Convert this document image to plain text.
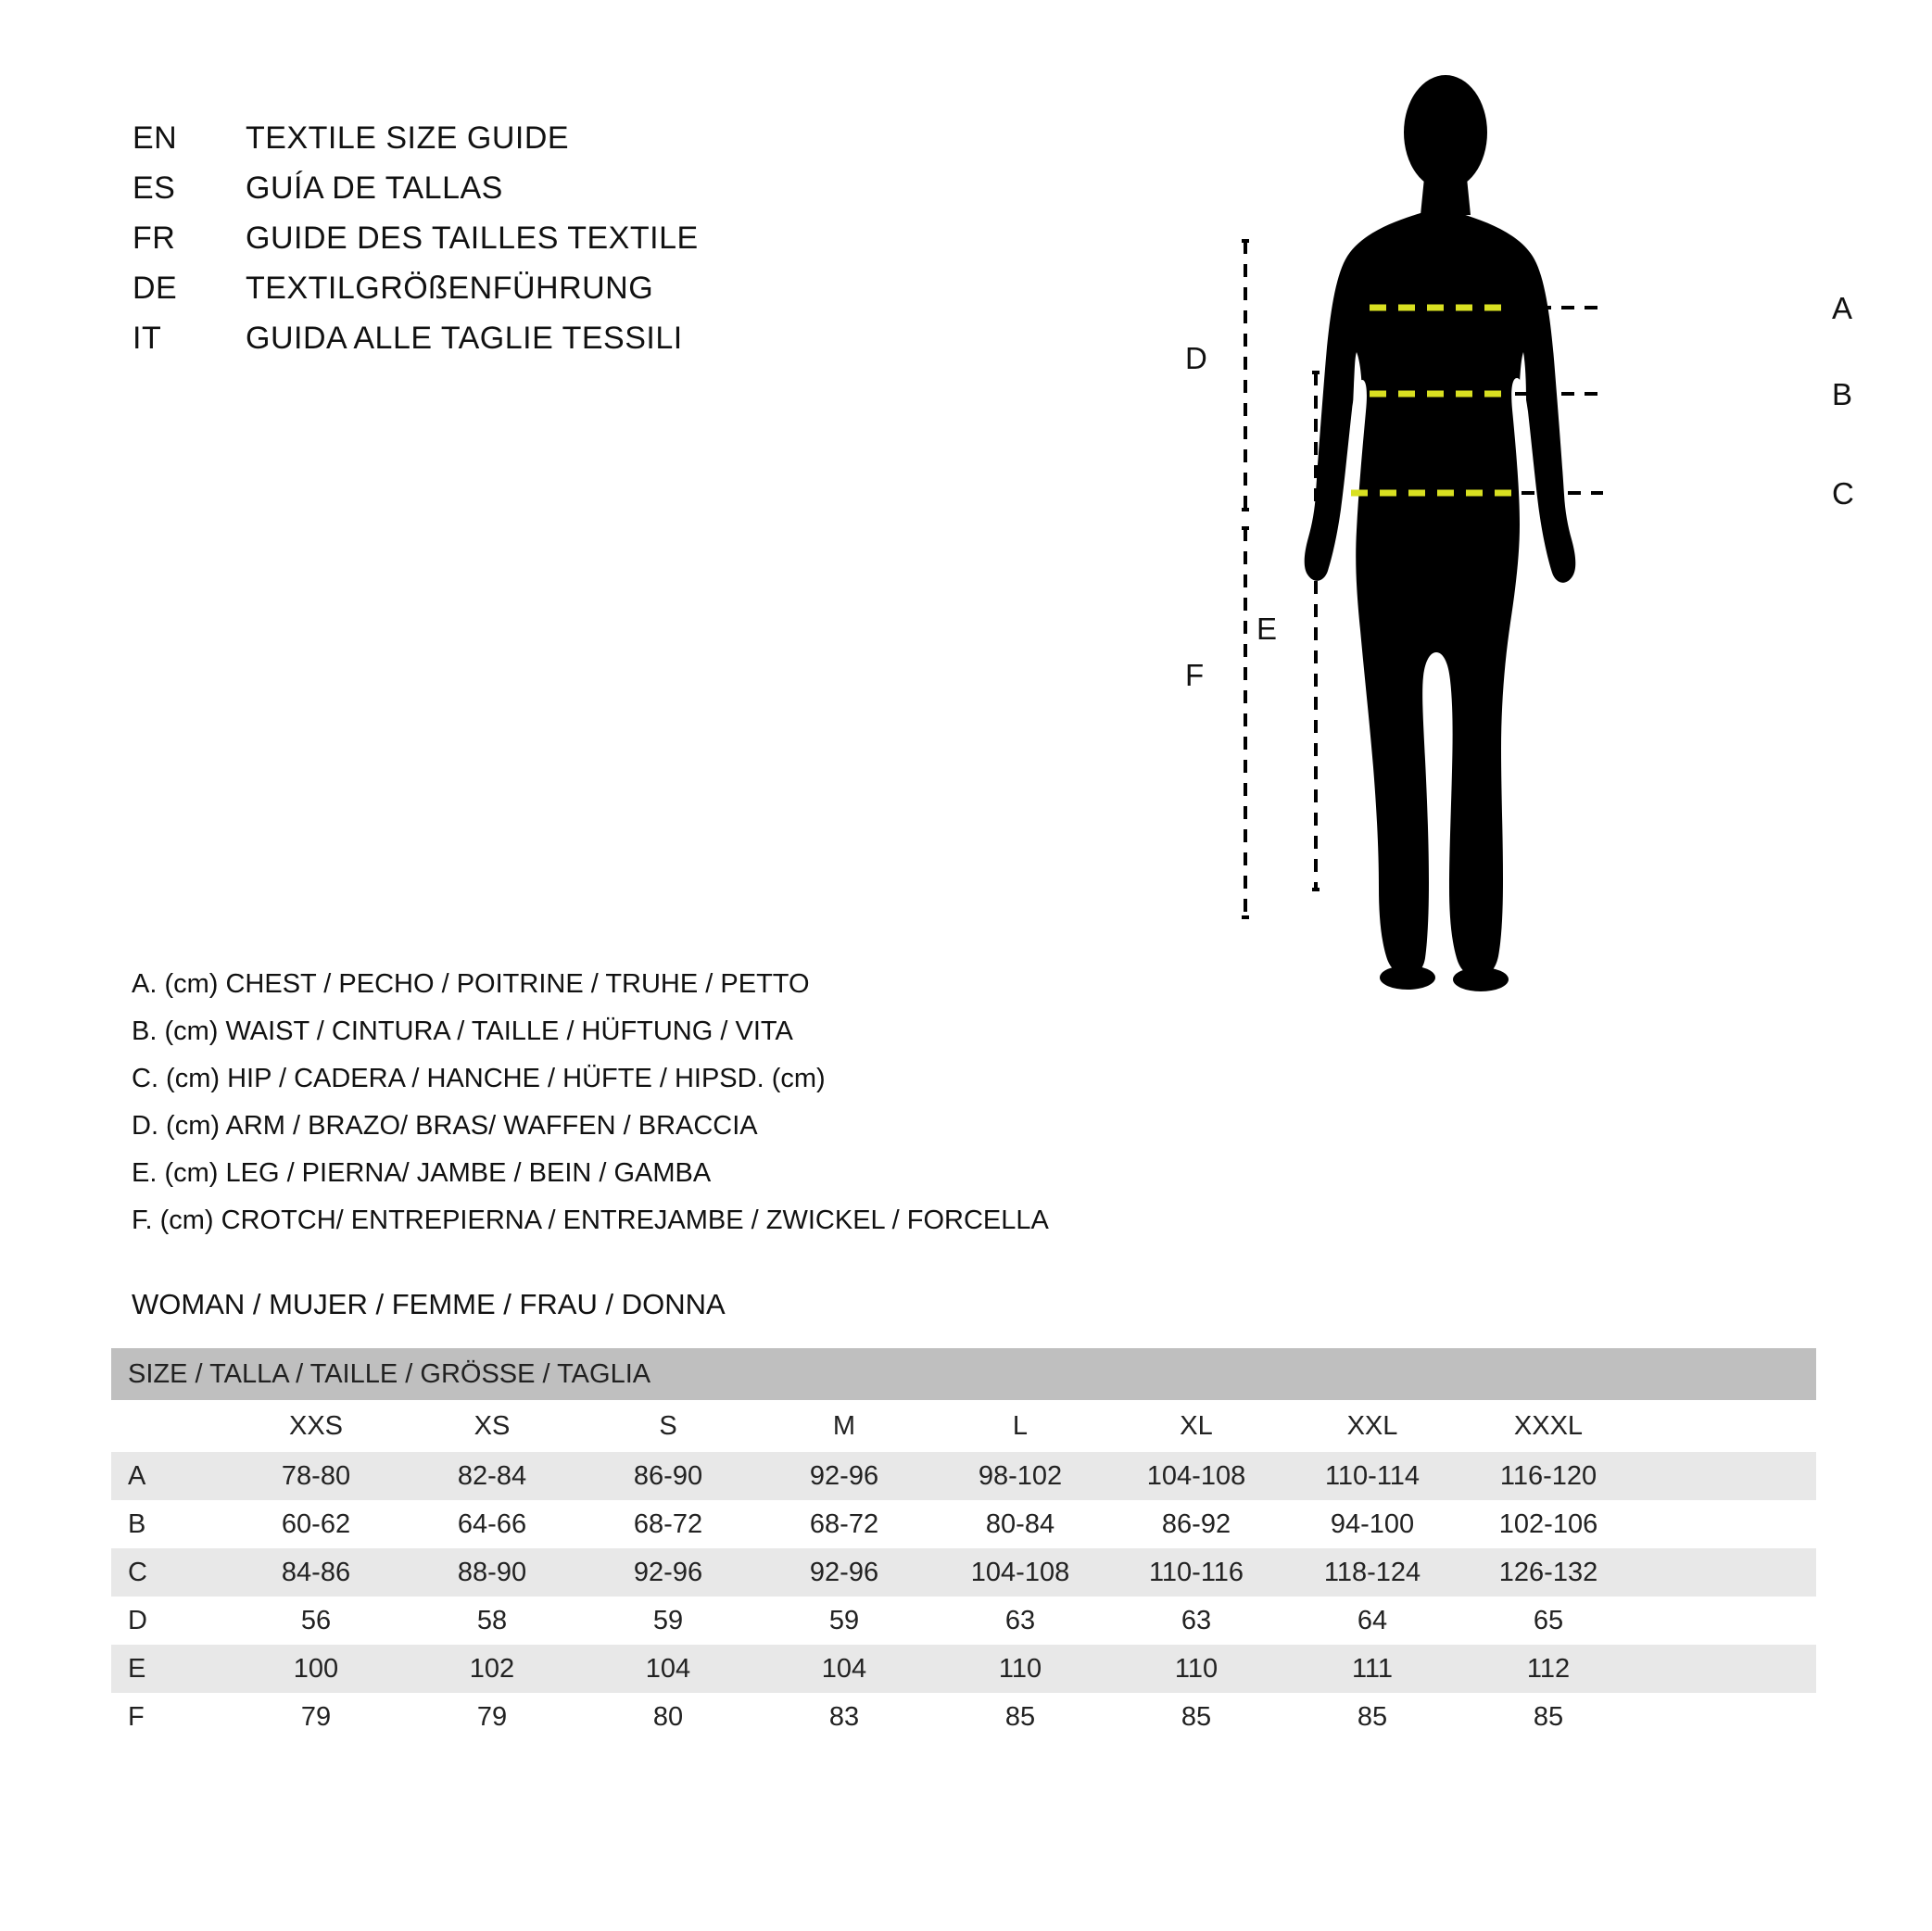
EN	TEXTILE SIZE GUIDE
ES	GUÍA DE TALLAS
FR	GUIDE DES TAILLES TEXTILE
DE	TEXTILGRÖßENFÜHRUNG
IT	GUIDA ALLE TAGLIE TESSILI
A
B
C
D
E
F
A. (cm) CHEST / PECHO / POITRINE / TRUHE / PETTO
B. (cm) WAIST / CINTURA / TAILLE / HÜFTUNG / VITA
C. (cm) HIP / CADERA / HANCHE / HÜFTE / HIPSD. (cm)
D. (cm) ARM / BRAZO/ BRAS/ WAFFEN / BRACCIA
E. (cm) LEG / PIERNA/ JAMBE / BEIN / GAMBA
F. (cm) CROTCH/ ENTREPIERNA / ENTREJAMBE / ZWICKEL / FORCELLA
WOMAN / MUJER / FEMME / FRAU / DONNA
SIZE / TALLA / TAILLE / GRÖSSE / TAGLIA									
	XXS	XS	S	M	L	XL	XXL	XXXL	
A	78-80	82-84	86-90	92-96	98-102	104-108	110-114	116-120	
B	60-62	64-66	68-72	68-72	80-84	86-92	94-100	102-106	
C	84-86	88-90	92-96	92-96	104-108	110-116	118-124	126-132	
D	56	58	59	59	63	63	64	65	
E	100	102	104	104	110	110	111	112	
F	79	79	80	83	85	85	85	85	
